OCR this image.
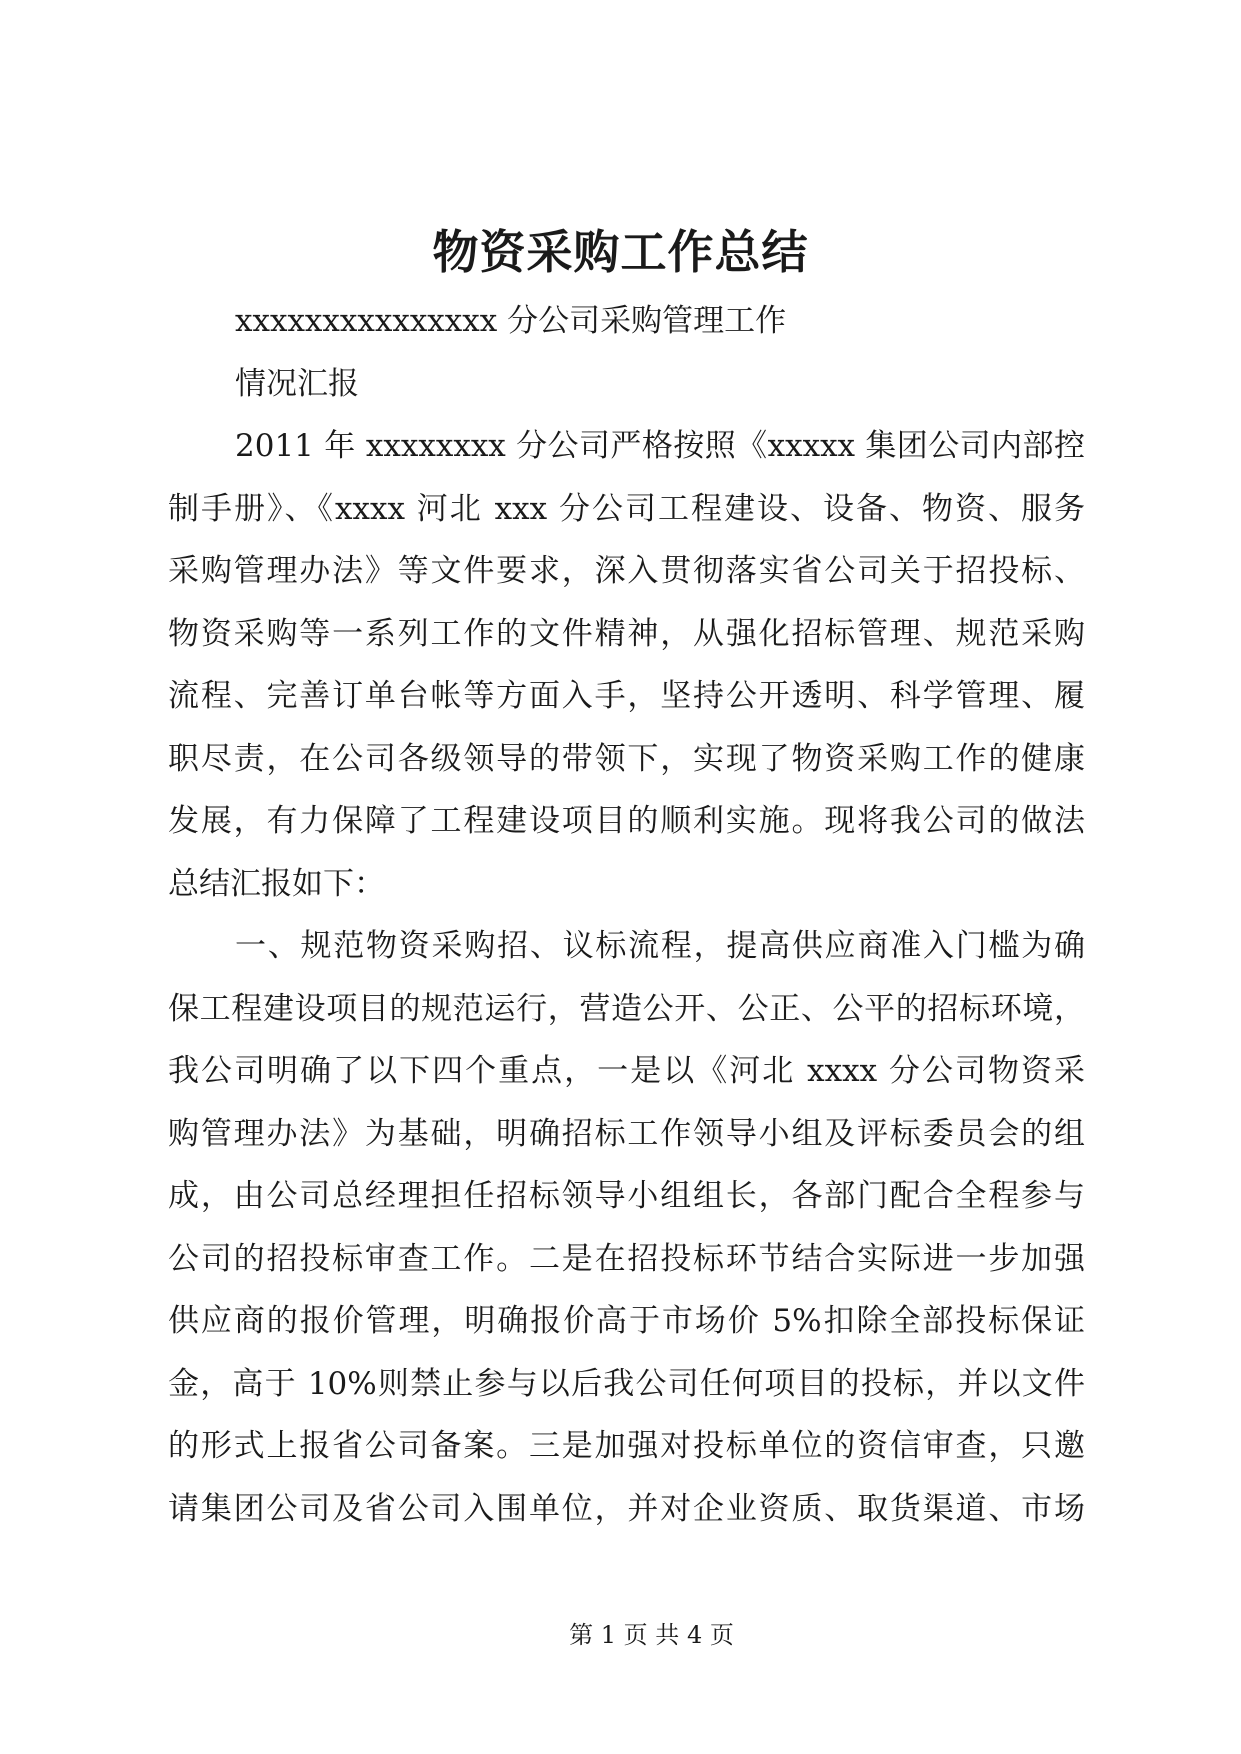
物资采购工作总结
xxxxxxxxxxxxxxx 分公司采购管理工作
情况汇报
2011 年 xxxxxxxx 分公司严格按照《xxxxx 集团公司内部控
制手册》、《xxxx 河北 xxx 分公司工程建设、设备、物资、服务
采购管理办法》等文件要求，深入贯彻落实省公司关于招投标、
物资采购等一系列工作的文件精神，从强化招标管理、规范采购
流程、完善订单台帐等方面入手，坚持公开透明、科学管理、履
职尽责，在公司各级领导的带领下，实现了物资采购工作的健康
发展，有力保障了工程建设项目的顺利实施。现将我公司的做法
总结汇报如下：
一、规范物资采购招、议标流程，提高供应商准入门槛为确
保工程建设项目的规范运行，营造公开、公正、公平的招标环境，
我公司明确了以下四个重点，一是以《河北 xxxx 分公司物资采
购管理办法》为基础，明确招标工作领导小组及评标委员会的组
成，由公司总经理担任招标领导小组组长，各部门配合全程参与
公司的招投标审查工作。二是在招投标环节结合实际进一步加强
供应商的报价管理，明确报价高于市场价 5%扣除全部投标保证
金，高于 10%则禁止参与以后我公司任何项目的投标，并以文件
的形式上报省公司备案。三是加强对投标单位的资信审查，只邀
请集团公司及省公司入围单位，并对企业资质、取货渠道、市场
第 1 页 共 4 页
